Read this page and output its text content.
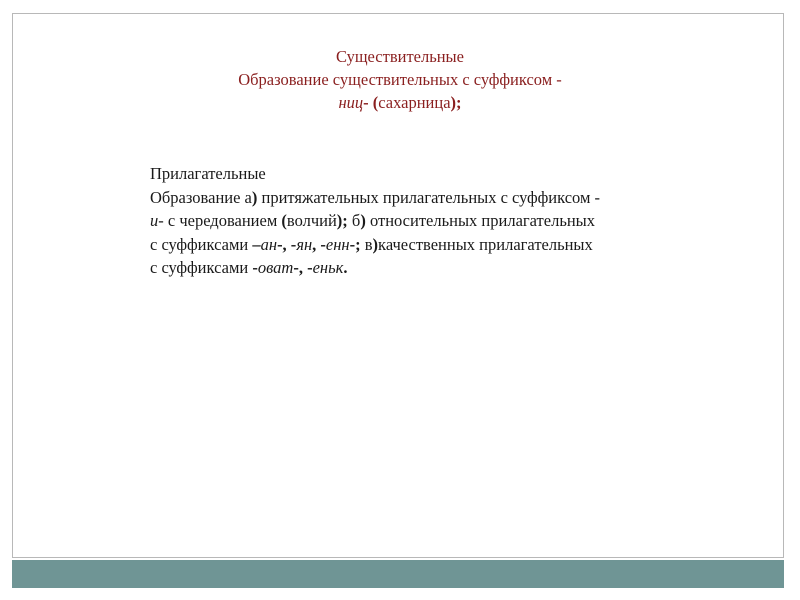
Существительные
Образование существительных с суффиксом -
ниц- (сахарница);
Прилагательные
Образование а) притяжательных прилагательных с суффиксом -
и- с чередованием (волчий); б) относительных прилагательных
с суффиксами –ан-, -ян, -енн-; в)качественных прилагательных
с суффиксами -оват-, -еньк.
